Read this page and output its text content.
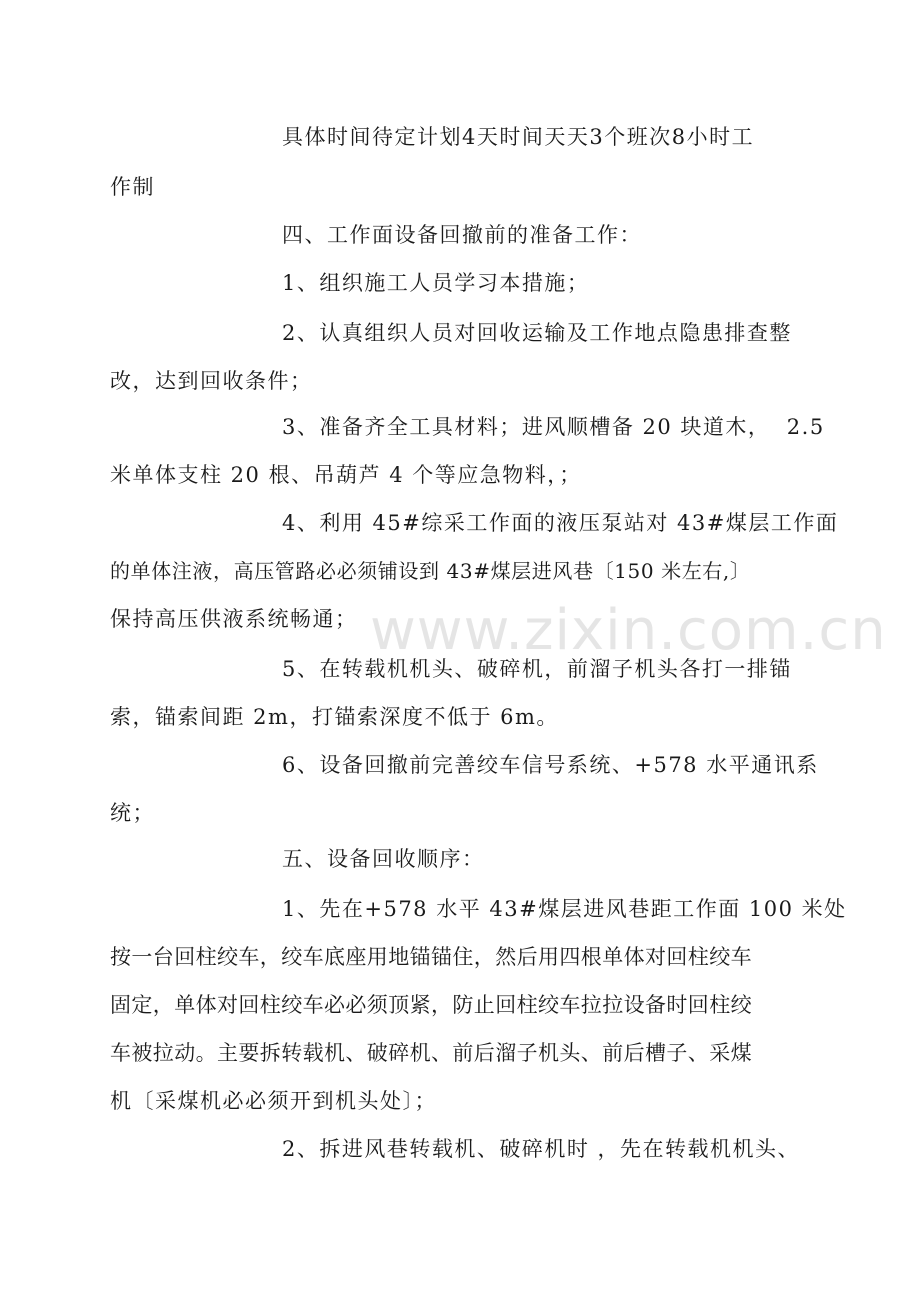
www.zixin.com.cn
具体时间待定计划4天时间天天3个班次8小时工
作制
四、工作面设备回撤前的准备工作：
1、组织施工人员学习本措施；
2、认真组织人员对回收运输及工作地点隐患排查整
改，达到回收条件；
3、准备齐全工具材料；进风顺槽备 20 块道木，  2.5
米单体支柱 20 根、吊葫芦 4 个等应急物料，；
4、利用 45#综采工作面的液压泵站对 43#煤层工作面
的单体注液，高压管路必必须铺设到 43#煤层进风巷〔150 米左右,〕
保持高压供液系统畅通；
5、在转载机机头、破碎机，前溜子机头各打一排锚
索，锚索间距 2m，打锚索深度不低于 6m。
6、设备回撤前完善绞车信号系统、+578 水平通讯系
统；
五、设备回收顺序：
1、先在+578 水平 43#煤层进风巷距工作面 100 米处
按一台回柱绞车，绞车底座用地锚锚住，然后用四根单体对回柱绞车
固定，单体对回柱绞车必必须顶紧，防止回柱绞车拉拉设备时回柱绞
车被拉动。主要拆转载机、破碎机、前后溜子机头、前后槽子、采煤
机〔采煤机必必须开到机头处〕；
2、拆进风巷转载机、破碎机时 ，先在转载机机头、
